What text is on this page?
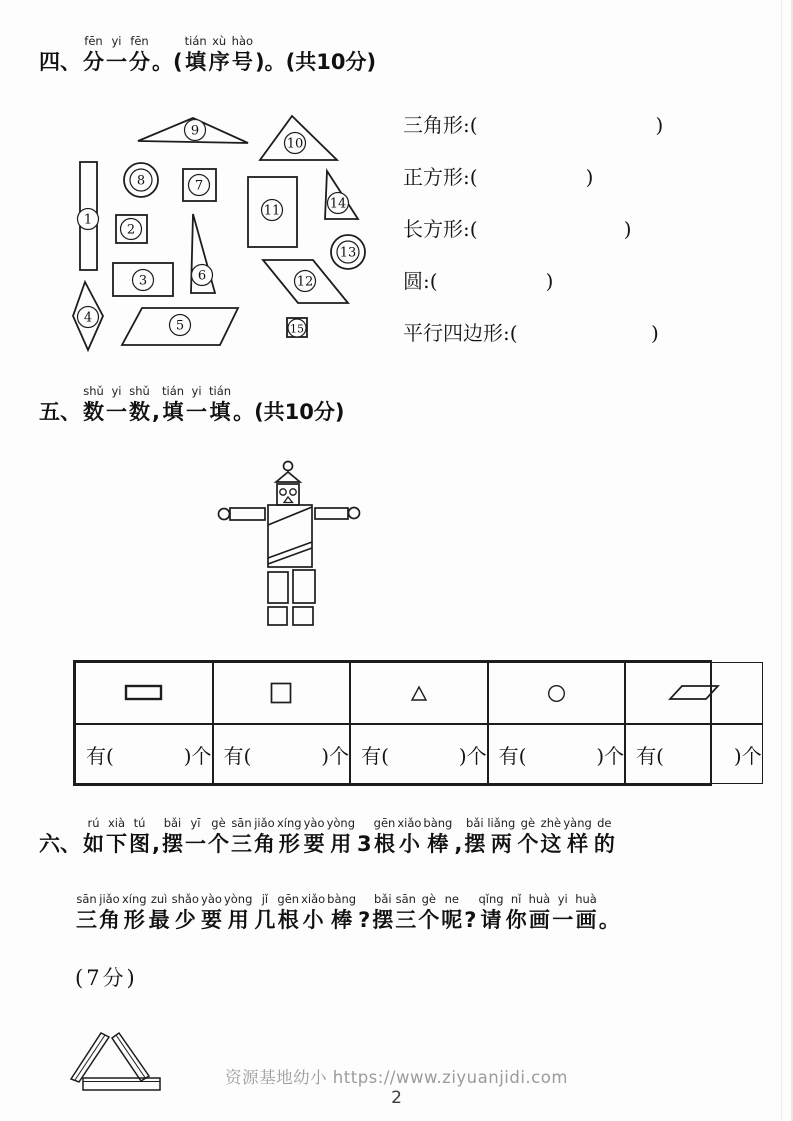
四、
fēn
分
yi
一
fēn
分 。(
tián
填
xù
序
hào
号 )。(共10分)
1
2
3
4
5
6
7
8
9
10
11
12
13
14
15
三角形:(                            )
正方形:(                 )
长方形:(                       )
圆:(                 )
平行四边形:(                     )
五、
shǔ
数
yi
一
shǔ
数 ,
tián
填
yi
一
tián
填 。(共10分)
有(           )个 有(           )个 有(           )个 有(           )个 有(           )个
六、
rú
如
xià
下
tú
图 ,
bǎi
摆
yī
一
gè
个
sān
三
jiǎo
角
xíng
形
yào
要
yòng
用 3
gēn
根
xiǎo
小
bàng
棒 ,
bǎi
摆
liǎng
两
gè
个
zhè
这
yàng
样
de
的
sān
三
jiǎo
角
xíng
形
zuì
最
shǎo
少
yào
要
yòng
用
jǐ
几
gēn
根
xiǎo
小
bàng
棒 ?
bǎi
摆
sān
三
gè
个
ne
呢 ?
qǐng
请
nǐ
你
huà
画
yi
一
huà
画 。
(7分)
资源基地幼小 https://www.ziyuanjidi.com
2
